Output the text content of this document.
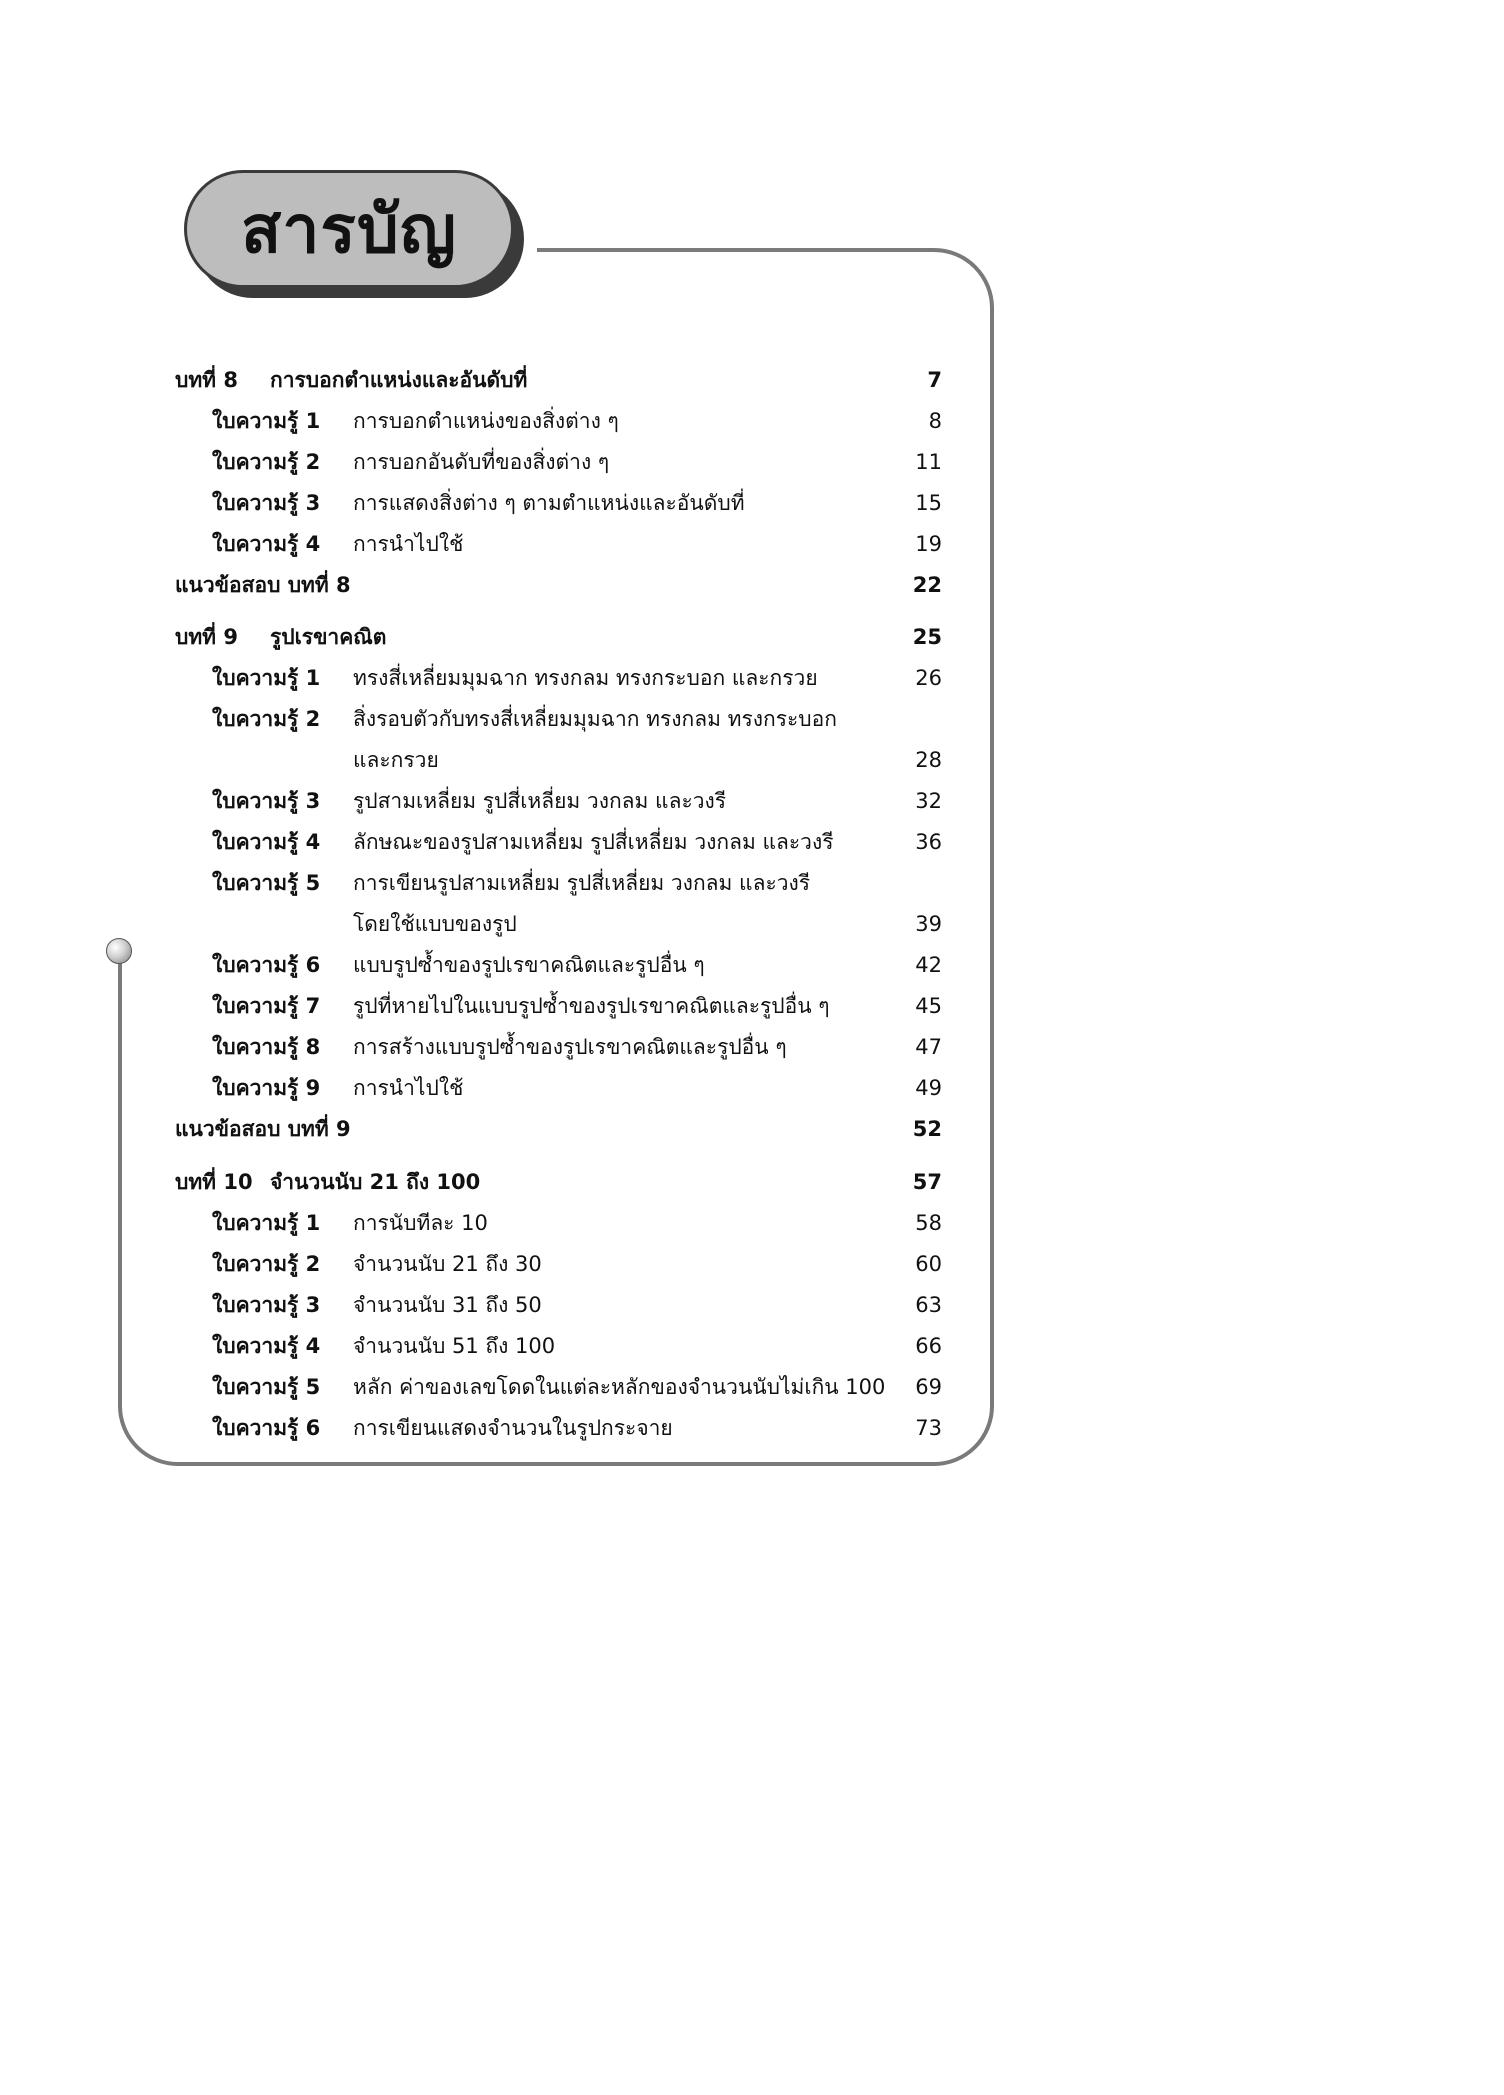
สารบัญ
บทที่ 8 การบอกตำแหน่งและอันดับที่	7
ใบความรู้ 1 การบอกตำแหน่งของสิ่งต่าง ๆ	8
ใบความรู้ 2 การบอกอันดับที่ของสิ่งต่าง ๆ	11
ใบความรู้ 3 การแสดงสิ่งต่าง ๆ ตามตำแหน่งและอันดับที่	15
ใบความรู้ 4 การนำไปใช้	19
แนวข้อสอบ บทที่ 8	22
บทที่ 9 รูปเรขาคณิต	25
ใบความรู้ 1 ทรงสี่เหลี่ยมมุมฉาก ทรงกลม ทรงกระบอก และกรวย	26
ใบความรู้ 2 สิ่งรอบตัวกับทรงสี่เหลี่ยมมุมฉาก ทรงกลม ทรงกระบอก
และกรวย	28
ใบความรู้ 3 รูปสามเหลี่ยม รูปสี่เหลี่ยม วงกลม และวงรี	32
ใบความรู้ 4 ลักษณะของรูปสามเหลี่ยม รูปสี่เหลี่ยม วงกลม และวงรี	36
ใบความรู้ 5 การเขียนรูปสามเหลี่ยม รูปสี่เหลี่ยม วงกลม และวงรี
โดยใช้แบบของรูป	39
ใบความรู้ 6 แบบรูปซ้ำของรูปเรขาคณิตและรูปอื่น ๆ	42
ใบความรู้ 7 รูปที่หายไปในแบบรูปซ้ำของรูปเรขาคณิตและรูปอื่น ๆ	45
ใบความรู้ 8 การสร้างแบบรูปซ้ำของรูปเรขาคณิตและรูปอื่น ๆ	47
ใบความรู้ 9 การนำไปใช้	49
แนวข้อสอบ บทที่ 9	52
บทที่ 10 จำนวนนับ 21 ถึง 100	57
ใบความรู้ 1 การนับทีละ 10	58
ใบความรู้ 2 จำนวนนับ 21 ถึง 30	60
ใบความรู้ 3 จำนวนนับ 31 ถึง 50	63
ใบความรู้ 4 จำนวนนับ 51 ถึง 100	66
ใบความรู้ 5 หลัก ค่าของเลขโดดในแต่ละหลักของจำนวนนับไม่เกิน 100 69
ใบความรู้ 6 การเขียนแสดงจำนวนในรูปกระจาย	73
